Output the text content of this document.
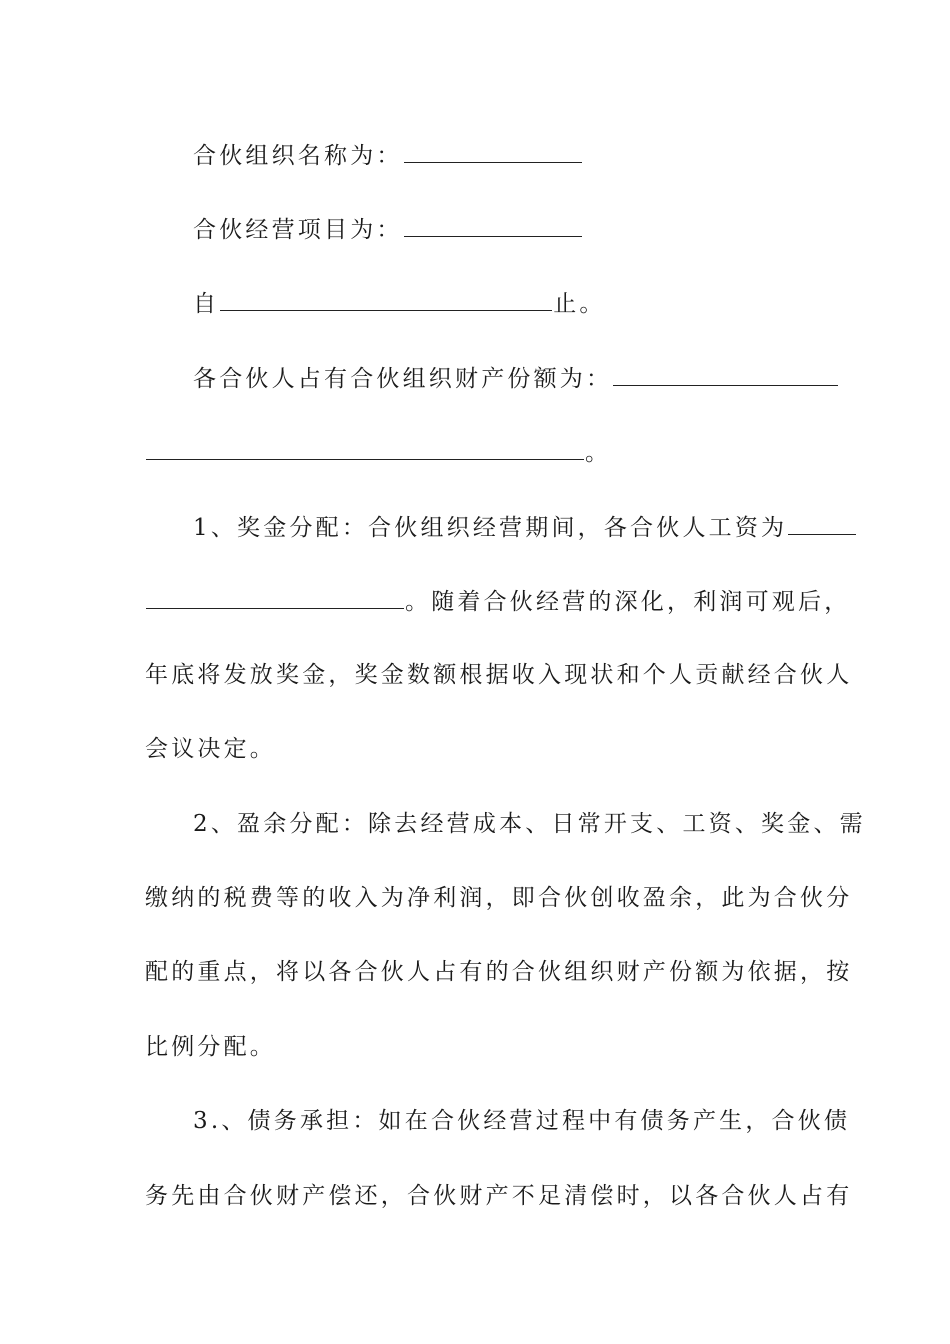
合伙组织名称为：
合伙经营项目为：
自	止。
各合伙人占有合伙组织财产份额为：
。
1、奖金分配：合伙组织经营期间，各合伙人工资为
。随着合伙经营的深化，利润可观后，
年底将发放奖金，奖金数额根据收入现状和个人贡献经合伙人
会议决定。
2、盈余分配：除去经营成本、日常开支、工资、奖金、需
缴纳的税费等的收入为净利润，即合伙创收盈余，此为合伙分
配的重点，将以各合伙人占有的合伙组织财产份额为依据，按
比例分配。
3.、债务承担：如在合伙经营过程中有债务产生，合伙债
务先由合伙财产偿还，合伙财产不足清偿时，以各合伙人占有
